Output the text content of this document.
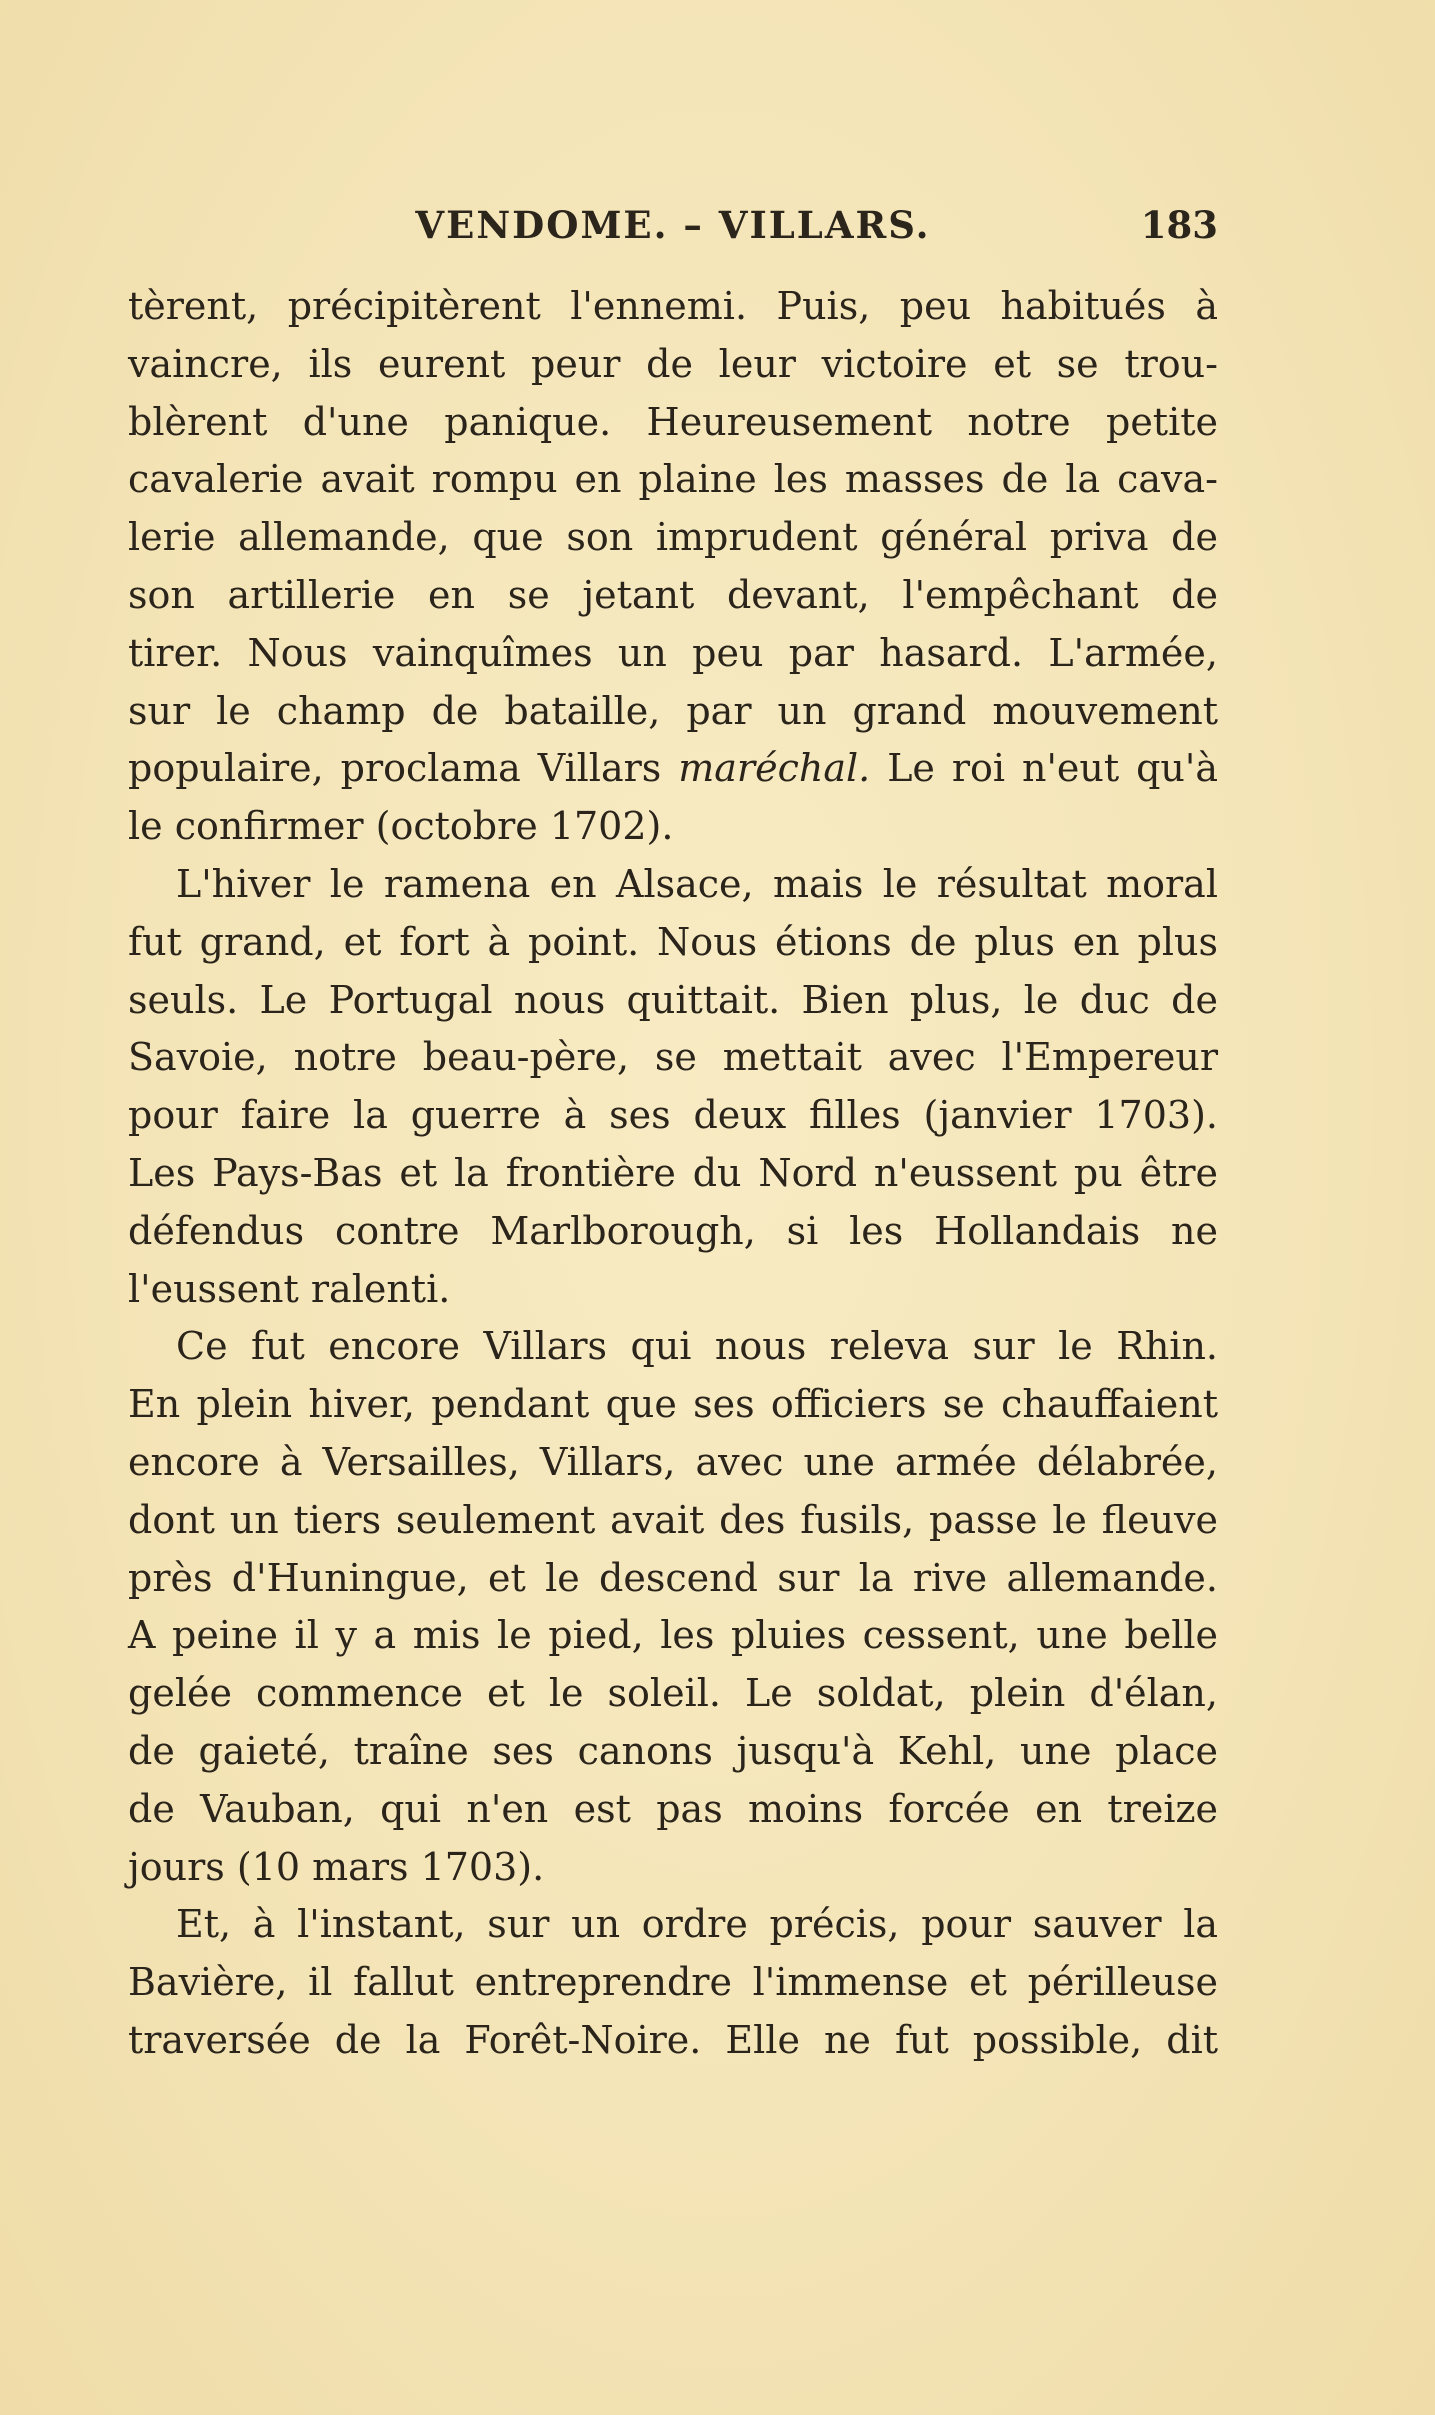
VENDOME. – VILLARS.	183
tèrent, précipitèrent l'ennemi. Puis, peu habitués à
vaincre, ils eurent peur de leur victoire et se trou-
blèrent d'une panique. Heureusement notre petite
cavalerie avait rompu en plaine les masses de la cava-
lerie allemande, que son imprudent général priva de
son artillerie en se jetant devant, l'empêchant de
tirer. Nous vainquîmes un peu par hasard. L'armée,
sur le champ de bataille, par un grand mouvement
populaire, proclama Villars maréchal. Le roi n'eut qu'à
le confirmer (octobre 1702).
L'hiver le ramena en Alsace, mais le résultat moral
fut grand, et fort à point. Nous étions de plus en plus
seuls. Le Portugal nous quittait. Bien plus, le duc de
Savoie, notre beau-père, se mettait avec l'Empereur
pour faire la guerre à ses deux filles (janvier 1703).
Les Pays-Bas et la frontière du Nord n'eussent pu être
défendus contre Marlborough, si les Hollandais ne
l'eussent ralenti.
Ce fut encore Villars qui nous releva sur le Rhin.
En plein hiver, pendant que ses officiers se chauffaient
encore à Versailles, Villars, avec une armée délabrée,
dont un tiers seulement avait des fusils, passe le fleuve
près d'Huningue, et le descend sur la rive allemande.
A peine il y a mis le pied, les pluies cessent, une belle
gelée commence et le soleil. Le soldat, plein d'élan,
de gaieté, traîne ses canons jusqu'à Kehl, une place
de Vauban, qui n'en est pas moins forcée en treize
jours (10 mars 1703).
Et, à l'instant, sur un ordre précis, pour sauver la
Bavière, il fallut entreprendre l'immense et périlleuse
traversée de la Forêt-Noire. Elle ne fut possible, dit
